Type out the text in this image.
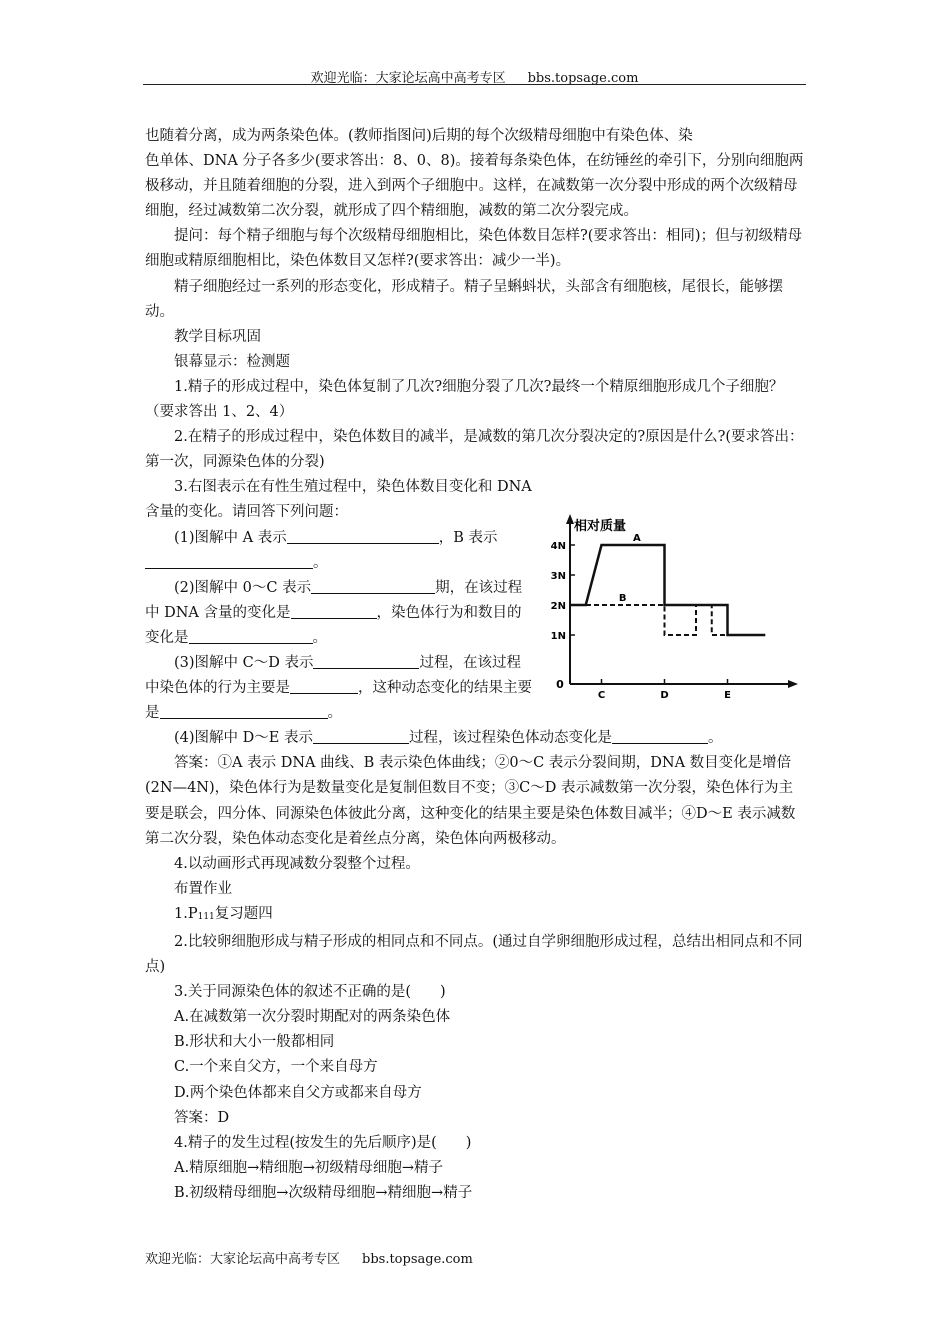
欢迎光临：大家论坛高中高考专区 bbs.topsage.com

也随着分离，成为两条染色体。(教师指图问)后期的每个次级精母细胞中有染色体、染

色单体、DNA 分子各多少(要求答出：8、0、8)。接着每条染色体，在纺锤丝的牵引下，分别向细胞两极移动，并且随着细胞的分裂，进入到两个子细胞中。这样，在减数第一次分裂中形成的两个次级精母细胞，经过减数第二次分裂，就形成了四个精细胞，减数的第二次分裂完成。

提问：每个精子细胞与每个次级精母细胞相比，染色体数目怎样?(要求答出：相同)；但与初级精母细胞或精原细胞相比，染色体数目又怎样?(要求答出：减少一半)。

精子细胞经过一系列的形态变化，形成精子。精子呈蝌蚪状，头部含有细胞核，尾很长，能够摆动。

教学目标巩固

银幕显示：检测题

1.精子的形成过程中，染色体复制了几次?细胞分裂了几次?最终一个精原细胞形成几个子细胞？（要求答出 1、2、4）

2.在精子的形成过程中，染色体数目的减半，是减数的第几次分裂决定的?原因是什么?(要求答出：第一次，同源染色体的分裂)

3.右图表示在有性生殖过程中，染色体数目变化和 DNA 含量的变化。请回答下列问题：

(1)图解中 A 表示	，B 表示。

(2)图解中 0～C 表示	期，在该过程中 DNA 含量的变化是	，染色体行为和数目的变化是	。

(3)图解中 C～D 表示	过程，在该过程中染色体的行为主要是	，这种动态变化的结果主要是	。

(4)图解中 D～E 表示	过程，该过程染色体动态变化是	。

答案：①A 表示 DNA 曲线、B 表示染色体曲线；②0～C 表示分裂间期，DNA 数目变化是增倍(2N—4N)，染色体行为是数量变化是复制但数目不变；③C～D 表示减数第一次分裂，染色体行为主要是联会，四分体、同源染色体彼此分离，这种变化的结果主要是染色体数目减半；④D～E 表示减数第二次分裂，染色体动态变化是着丝点分离，染色体向两极移动。

4.以动画形式再现减数分裂整个过程。

布置作业

$1.P_{111}$复习题四

2.比较卵细胞形成与精子形成的相同点和不同点。(通过自学卵细胞形成过程，总结出相同点和不同点)

3.关于同源染色体的叙述不正确的是(　　)

A.在减数第一次分裂时期配对的两条染色体

B.形状和大小一般都相同

C.一个来自父方，一个来自母方

D.两个染色体都来自父方或都来自母方

答案：D

4.精子的发生过程(按发生的先后顺序)是(　　)

A.精原细胞→精细胞→初级精母细胞→精子

B.初级精母细胞→次级精母细胞→精细胞→精子

相对质量
0
4N
3N
2N
1N
C	D	E
A
B
欢迎光临：大家论坛高中高考专区 bbs.topsage.com
